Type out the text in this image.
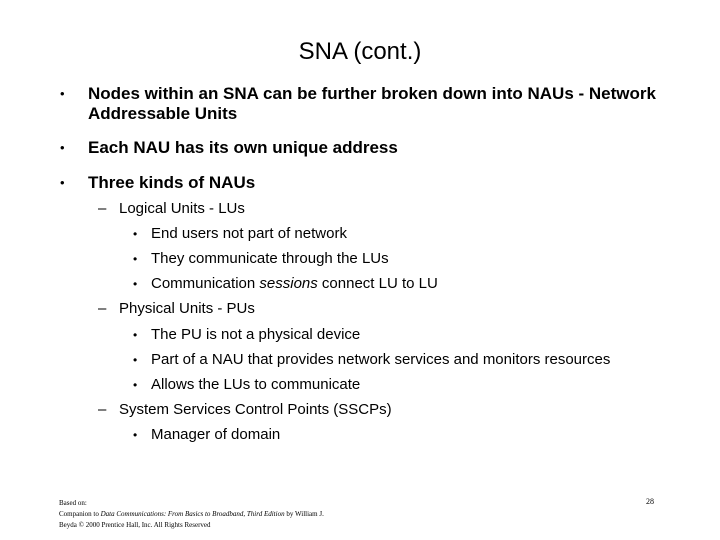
SNA (cont.)
• Nodes within an SNA can be further broken down into NAUs - Network Addressable Units
• Each NAU has its own unique address
• Three kinds of NAUs
– Logical Units - LUs
• End users not part of network
• They communicate through the LUs
• Communication sessions connect LU to LU
– Physical Units - PUs
• The PU is not a physical device
• Part of a NAU that provides network services and monitors resources
• Allows the LUs to communicate
– System Services Control Points (SSCPs)
• Manager of domain
Based on:
Companion to Data Communications: From Basics to Broadband, Third Edition by William J.
Beyda © 2000 Prentice Hall, Inc. All Rights Reserved
28
